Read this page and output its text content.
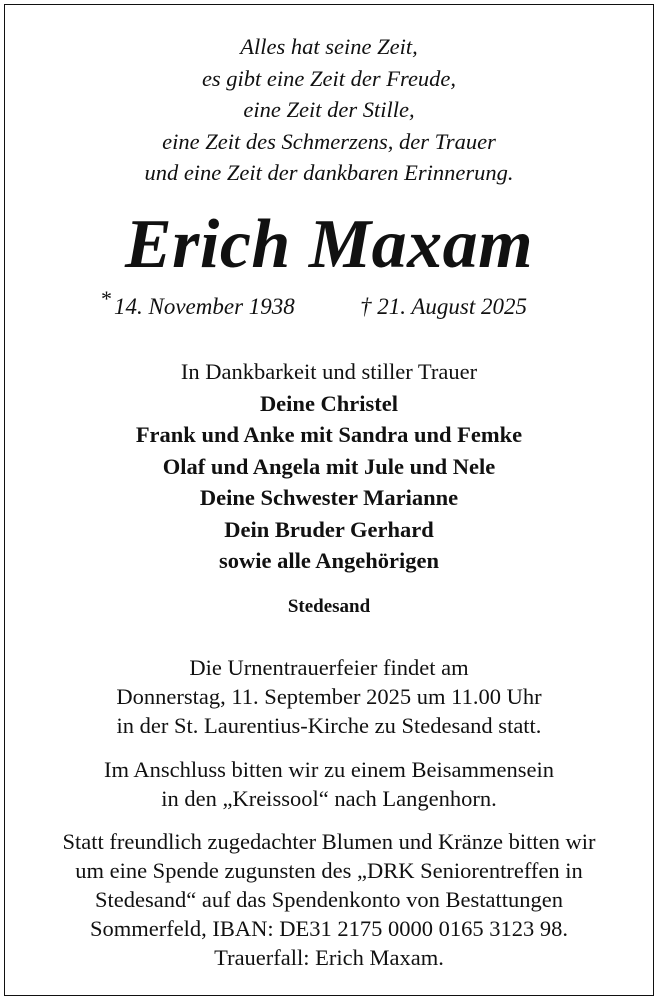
Alles hat seine Zeit,
es gibt eine Zeit der Freude,
eine Zeit der Stille,
eine Zeit des Schmerzens, der Trauer
und eine Zeit der dankbaren Erinnerung.
Erich Maxam
*14. November 1938	† 21. August 2025
In Dankbarkeit und stiller Trauer
Deine Christel
Frank und Anke mit Sandra und Femke
Olaf und Angela mit Jule und Nele
Deine Schwester Marianne
Dein Bruder Gerhard
sowie alle Angehörigen
Stedesand
Die Urnentrauerfeier findet am
Donnerstag, 11. September 2025 um 11.00 Uhr
in der St. Laurentius-Kirche zu Stedesand statt.
Im Anschluss bitten wir zu einem Beisammensein
in den „Kreissool“ nach Langenhorn.
Statt freundlich zugedachter Blumen und Kränze bitten wir
um eine Spende zugunsten des „DRK Seniorentreffen in
Stedesand“ auf das Spendenkonto von Bestattungen
Sommerfeld, IBAN: DE31 2175 0000 0165 3123 98.
Trauerfall: Erich Maxam.
